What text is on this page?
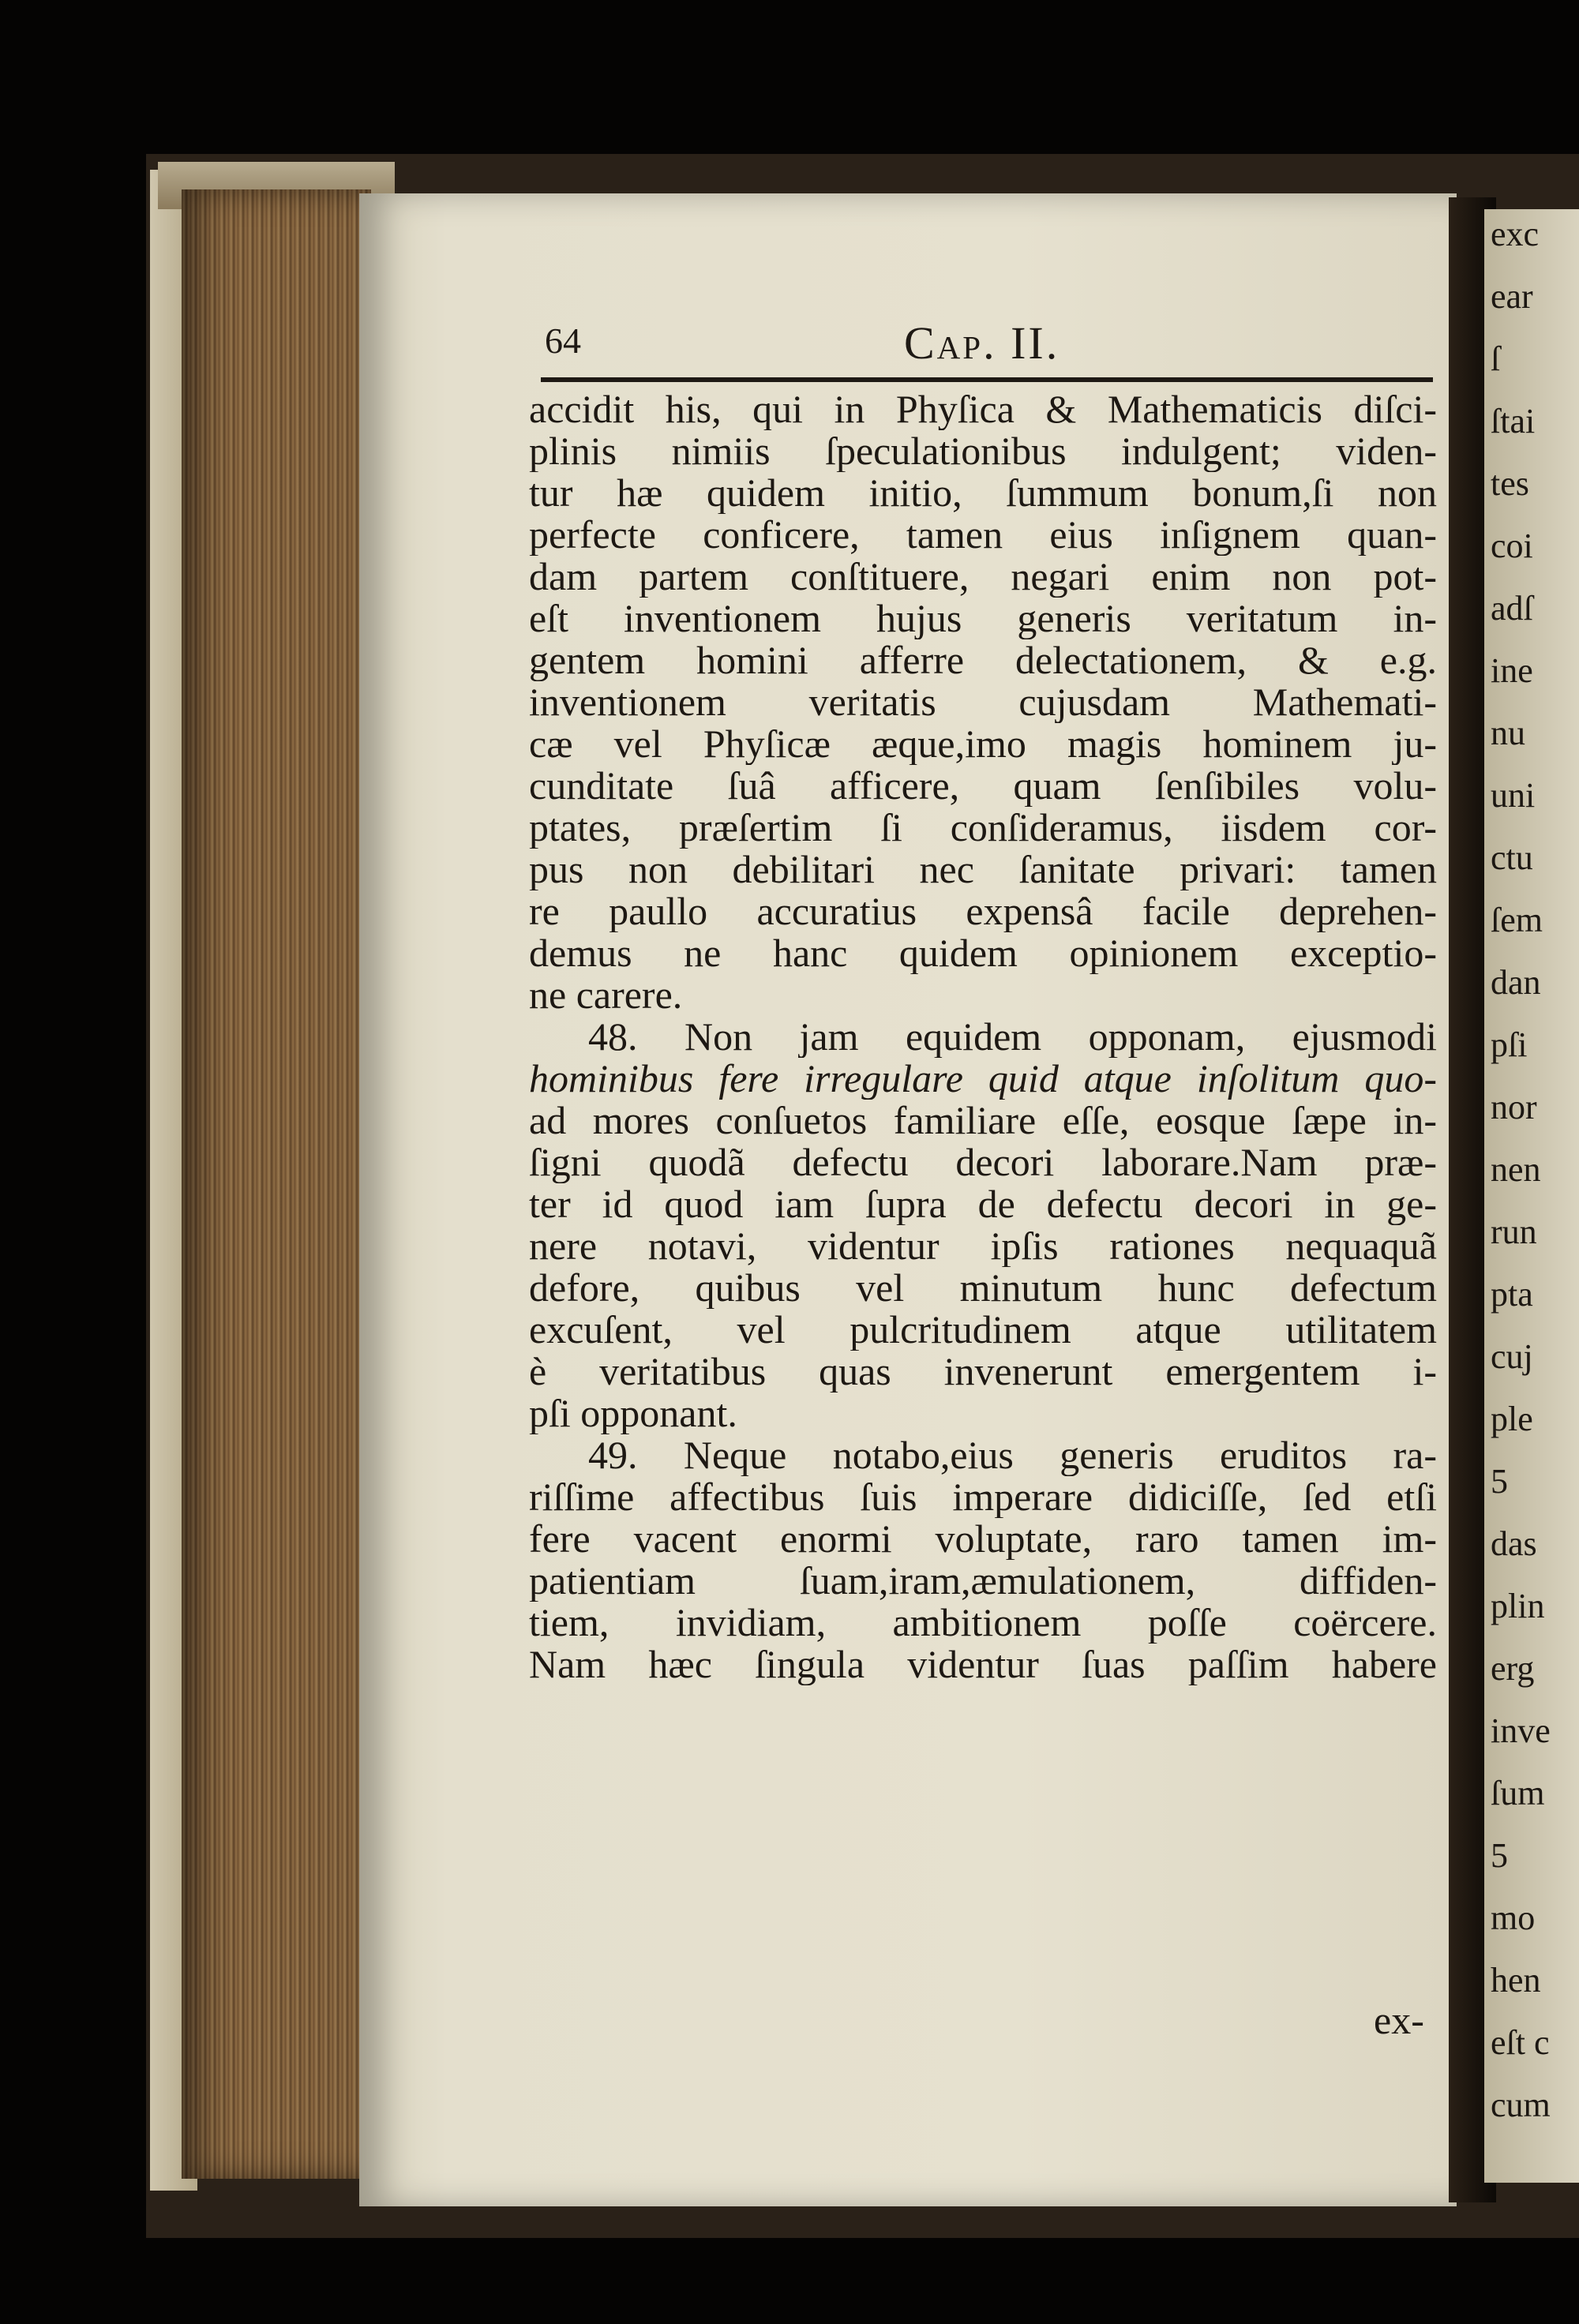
exc
ear
ſ
ſtai
tes
coi
adſ
ine
nu
uni
ctu
ſem
dan
pſi
nor
nen
run
pta
cuj
ple
5
das
plin
erg
inve
ſum
5
mo
hen
eſt c
cum
64	Cap. II.
accidit his, qui in Phyſica & Mathematicis diſci-
plinis nimiis ſpeculationibus indulgent; viden-
tur hæ quidem initio, ſummum bonum,ſi non
perfecte conficere, tamen eius inſignem quan-
dam partem conſtituere, negari enim non pot-
eſt inventionem hujus generis veritatum in-
gentem homini afferre delectationem, & e.g.
inventionem veritatis cujusdam Mathemati-
cæ vel Phyſicæ æque,imo magis hominem ju-
cunditate ſuâ afficere, quam ſenſibiles volu-
ptates, præſertim ſi conſideramus, iisdem cor-
pus non debilitari nec ſanitate privari: tamen
re paullo accuratius expensâ facile deprehen-
demus ne hanc quidem opinionem exceptio-
ne carere.
48. Non jam equidem opponam, ejusmodi
hominibus fere irregulare quid atque inſolitum quo-
ad mores conſuetos familiare eſſe, eosque ſæpe in-
ſigni quodã defectu decori laborare.Nam præ-
ter id quod iam ſupra de defectu decori in ge-
nere notavi, videntur ipſis rationes nequaquã
defore, quibus vel minutum hunc defectum
excuſent, vel pulcritudinem atque utilitatem
è veritatibus quas invenerunt emergentem i-
pſi opponant.
49. Neque notabo,eius generis eruditos ra-
riſſime affectibus ſuis imperare didiciſſe, ſed etſi
fere vacent enormi voluptate, raro tamen im-
patientiam ſuam,iram,æmulationem, diffiden-
tiem, invidiam, ambitionem poſſe coërcere.
Nam hæc ſingula videntur ſuas paſſim habere
ex-
